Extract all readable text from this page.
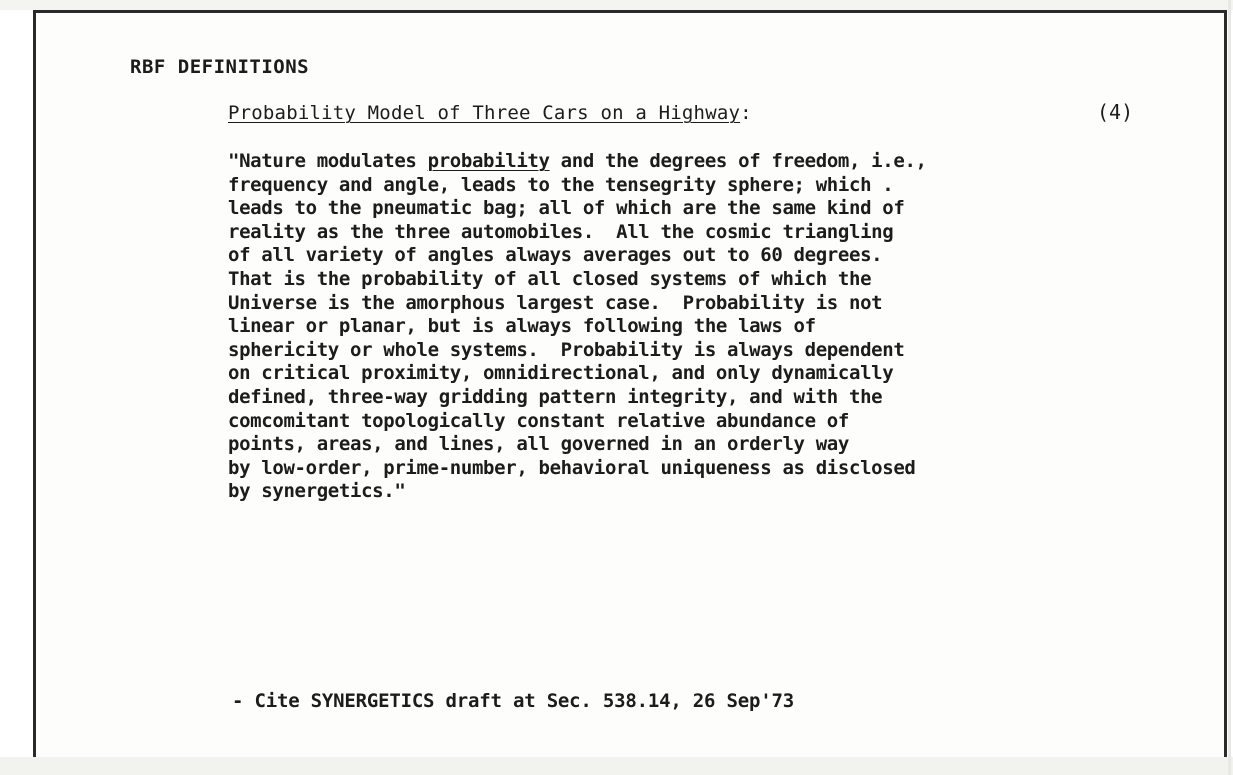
RBF DEFINITIONS
Probability Model of Three Cars on a Highway:	(4)
"Nature modulates probability and the degrees of freedom, i.e.,
frequency and angle, leads to the tensegrity sphere; which .
leads to the pneumatic bag; all of which are the same kind of
reality as the three automobiles.  All the cosmic triangling
of all variety of angles always averages out to 60 degrees.
That is the probability of all closed systems of which the
Universe is the amorphous largest case.  Probability is not
linear or planar, but is always following the laws of
sphericity or whole systems.  Probability is always dependent
on critical proximity, omnidirectional, and only dynamically
defined, three-way gridding pattern integrity, and with the
comcomitant topologically constant relative abundance of
points, areas, and lines, all governed in an orderly way
by low-order, prime-number, behavioral uniqueness as disclosed
by synergetics."
- Cite SYNERGETICS draft at Sec. 538.14, 26 Sep'73
